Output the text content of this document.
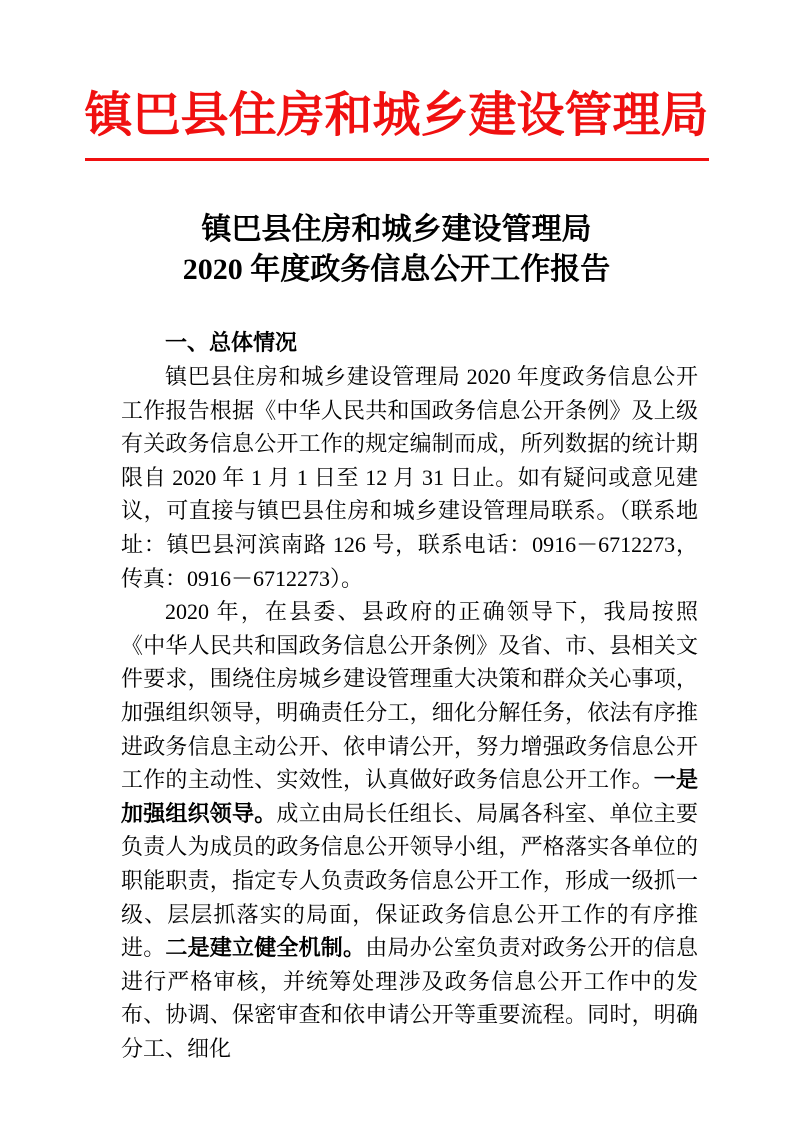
镇巴县住房和城乡建设管理局
镇巴县住房和城乡建设管理局
2020 年度政务信息公开工作报告
一、总体情况

镇巴县住房和城乡建设管理局 2020 年度政务信息公开工作报告根据《中华人民共和国政务信息公开条例》及上级有关政务信息公开工作的规定编制而成，所列数据的统计期限自 2020 年 1 月 1 日至 12 月 31 日止。如有疑问或意见建议，可直接与镇巴县住房和城乡建设管理局联系。（联系地址：镇巴县河滨南路 126 号，联系电话：0916－6712273，传真：0916－6712273）。

2020 年，在县委、县政府的正确领导下，我局按照《中华人民共和国政务信息公开条例》及省、市、县相关文件要求，围绕住房城乡建设管理重大决策和群众关心事项，加强组织领导，明确责任分工，细化分解任务，依法有序推进政务信息主动公开、依申请公开，努力增强政务信息公开工作的主动性、实效性，认真做好政务信息公开工作。一是加强组织领导。成立由局长任组长、局属各科室、单位主要负责人为成员的政务信息公开领导小组，严格落实各单位的职能职责，指定专人负责政务信息公开工作，形成一级抓一级、层层抓落实的局面，保证政务信息公开工作的有序推进。二是建立健全机制。由局办公室负责对政务公开的信息进行严格审核，并统筹处理涉及政务信息公开工作中的发布、协调、保密审查和依申请公开等重要流程。同时，明确分工、细化
